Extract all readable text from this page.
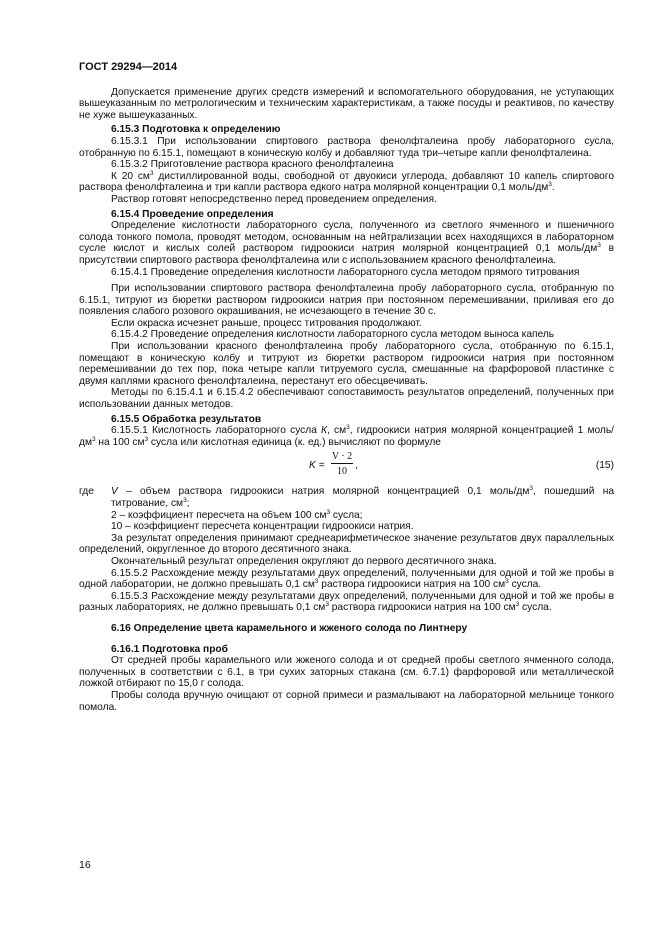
ГОСТ 29294—2014

Допускается применение других средств измерений и вспомогательного оборудования, не уступающих вышеуказанным по метрологическим и техническим характеристикам, а также посуды и реактивов, по качеству не хуже вышеуказанных.

6.15.3 Подготовка к определению

6.15.3.1 При использовании спиртового раствора фенолфталеина пробу лабораторного сусла, отобранную по 6.15.1, помещают в коническую колбу и добавляют туда три–четыре капли фенолфталеина.

6.15.3.2 Приготовление раствора красного фенолфталеина

К 20 $см^3$ дистиллированной воды, свободной от двуокиси углерода, добавляют 10 капель спиртового раствора фенолфталеина и три капли раствора едкого натра молярной концентрации 0,1 моль/$дм^3$.

Раствор готовят непосредственно перед проведением определения.

6.15.4 Проведение определения

Определение кислотности лабораторного сусла, полученного из светлого ячменного и пшеничного солода тонкого помола, проводят методом, основанным на нейтрализации всех находящихся в лабораторном сусле кислот и кислых солей раствором гидроокиси натрия молярной концентрацией 0,1 моль/$дм^3$ в присутствии спиртового раствора фенолфталеина или с использованием красного фенолфталеина.

6.15.4.1 Проведение определения кислотности лабораторного сусла методом прямого титрования

При использовании спиртового раствора фенолфталеина пробу лабораторного сусла, отобранную по 6.15.1, титруют из бюретки раствором гидроокиси натрия при постоянном перемешивании, приливая его до появления слабого розового окрашивания, не исчезающего в течение 30 с.

Если окраска исчезнет раньше, процесс титрования продолжают.

6.15.4.2 Проведение определения кислотности лабораторного сусла методом выноса капель

При использовании красного фенолфталеина пробу лабораторного сусла, отобранную по 6.15.1, помещают в коническую колбу и титруют из бюретки раствором гидроокиси натрия при постоянном перемешивании до тех пор, пока четыре капли титруемого сусла, смешанные на фарфоровой пластинке с двумя каплями красного фенолфталеина, перестанут его обесцвечивать.

Методы по 6.15.4.1 и 6.15.4.2 обеспечивают сопоставимость результатов определений, полученных при использовании данных методов.

6.15.5 Обработка результатов

6.15.5.1 Кислотность лабораторного сусла К, $см^3$, гидроокиси натрия молярной концентрацией 1 моль/$дм^3$ на 100 $см^3$ сусла или кислотная единица (к. ед.) вычисляют по формуле

$K = \frac{V \cdot 2}{10}$ ,	(15)
где V – объем раствора гидроокиси натрия молярной концентрацией 0,1 моль/$дм^3$, пошедший на титрование, $см^3$;

2 – коэффициент пересчета на объем 100 $см^3$ сусла;

10 – коэффициент пересчета концентрации гидроокиси натрия.

За результат определения принимают среднеарифметическое значение результатов двух параллельных определений, округленное до второго десятичного знака.

Окончательный результат определения округляют до первого десятичного знака.

6.15.5.2 Расхождение между результатами двух определений, полученными для одной и той же пробы в одной лаборатории, не должно превышать 0,1 $см^3$ раствора гидроокиси натрия на 100 $см^3$ сусла.

6.15.5.3 Расхождение между результатами двух определений, полученными для одной и той же пробы в разных лабораториях, не должно превышать 0,1 $см^3$ раствора гидроокиси натрия на 100 $см^3$ сусла.

6.16 Определение цвета карамельного и жженого солода по Линтнеру

6.16.1 Подготовка проб

От средней пробы карамельного или жженого солода и от средней пробы светлого ячменного солода, полученных в соответствии с 6.1, в три сухих заторных стакана (см. 6.7.1) фарфоровой или металлической ложкой отбирают по 15,0 г солода.

Пробы солода вручную очищают от сорной примеси и размалывают на лабораторной мельнице тонкого помола.

16
